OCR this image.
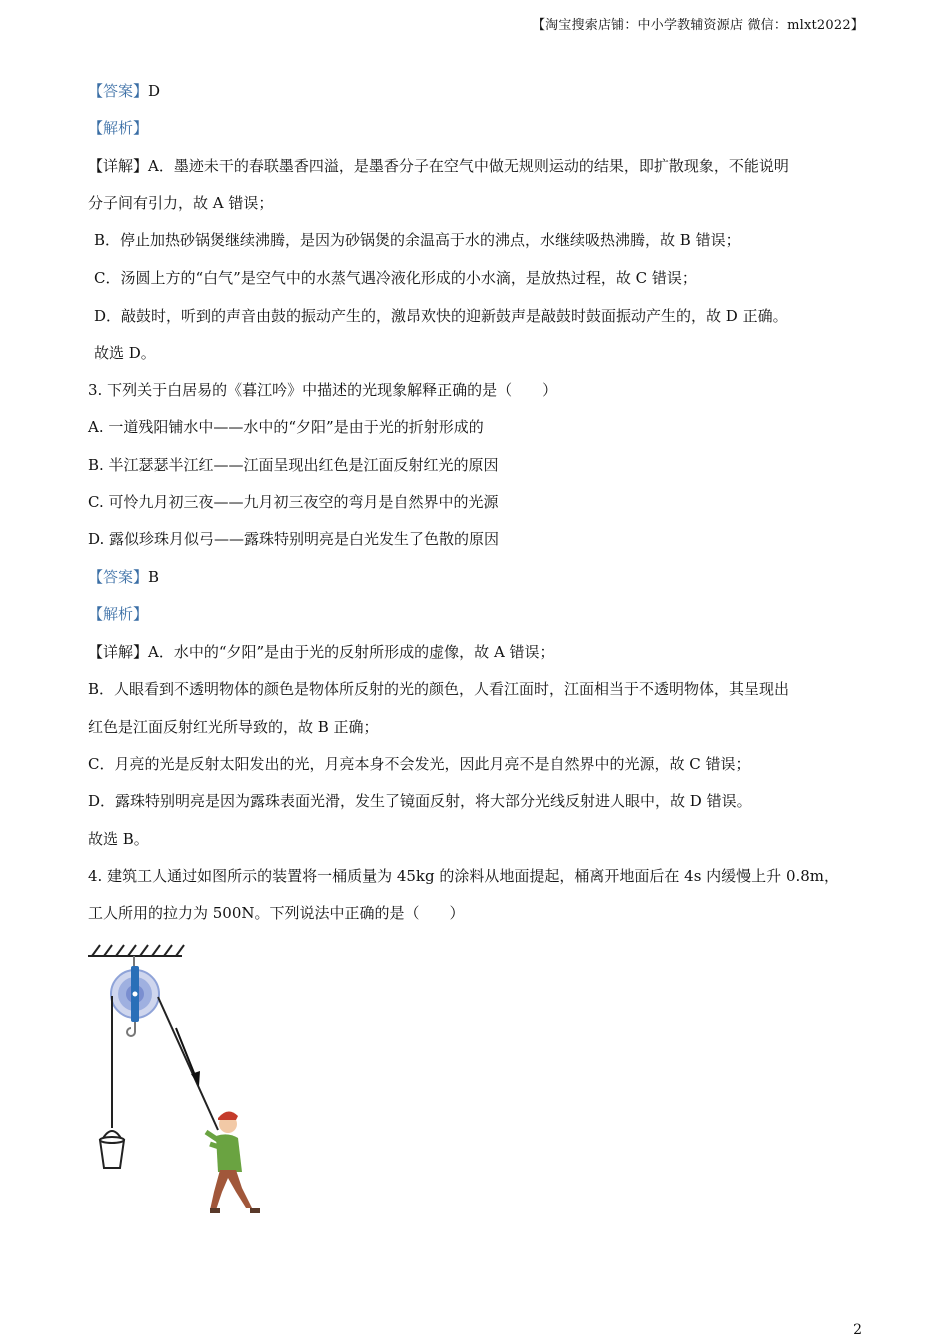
【淘宝搜索店铺：中小学教辅资源店 微信：mlxt2022】
【答案】D
【解析】
【详解】A．墨迹未干的春联墨香四溢，是墨香分子在空气中做无规则运动的结果，即扩散现象，不能说明
分子间有引力，故 A 错误；
B．停止加热砂锅煲继续沸腾，是因为砂锅煲的余温高于水的沸点，水继续吸热沸腾，故 B 错误；
C．汤圆上方的“白气”是空气中的水蒸气遇冷液化形成的小水滴，是放热过程，故 C 错误；
D．敲鼓时，听到的声音由鼓的振动产生的，激昂欢快的迎新鼓声是敲鼓时鼓面振动产生的，故 D 正确。
故选 D。
3. 下列关于白居易的《暮江吟》中描述的光现象解释正确的是（　　）
A. 一道残阳铺水中——水中的“夕阳”是由于光的折射形成的
B. 半江瑟瑟半江红——江面呈现出红色是江面反射红光的原因
C. 可怜九月初三夜——九月初三夜空的弯月是自然界中的光源
D. 露似珍珠月似弓——露珠特别明亮是白光发生了色散的原因
【答案】B
【解析】
【详解】A．水中的“夕阳”是由于光的反射所形成的虚像，故 A 错误；
B．人眼看到不透明物体的颜色是物体所反射的光的颜色，人看江面时，江面相当于不透明物体，其呈现出
红色是江面反射红光所导致的，故 B 正确；
C．月亮的光是反射太阳发出的光，月亮本身不会发光，因此月亮不是自然界中的光源，故 C 错误；
D．露珠特别明亮是因为露珠表面光滑，发生了镜面反射，将大部分光线反射进人眼中，故 D 错误。
故选 B。
4. 建筑工人通过如图所示的装置将一桶质量为 45kg 的涂料从地面提起，桶离开地面后在 4s 内缓慢上升 0.8m，
工人所用的拉力为 500N。下列说法中正确的是（　　）
2
